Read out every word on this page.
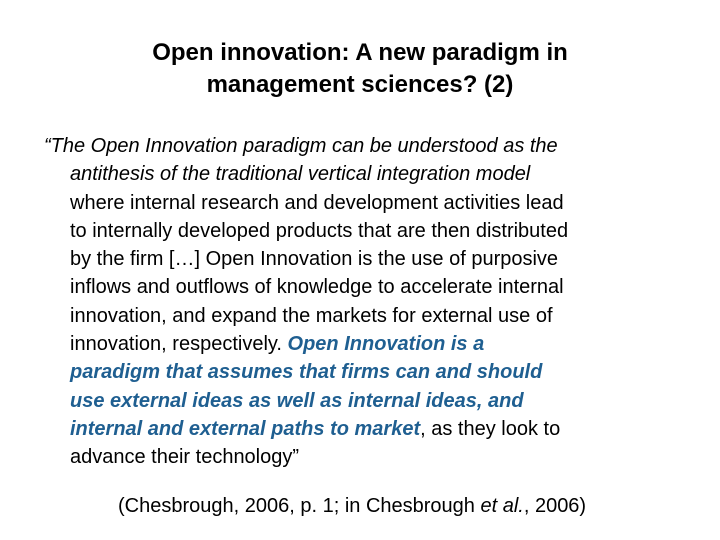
Open innovation: A new paradigm in
management sciences? (2)
“The Open Innovation paradigm can be understood as the
antithesis of the traditional vertical integration model
where internal research and development activities lead
to internally developed products that are then distributed
by the firm […] Open Innovation is the use of purposive
inflows and outflows of knowledge to accelerate internal
innovation, and expand the markets for external use of
innovation, respectively. Open Innovation is a
paradigm that assumes that firms can and should
use external ideas as well as internal ideas, and
internal and external paths to market, as they look to
advance their technology”
(Chesbrough, 2006, p. 1; in Chesbrough et al., 2006)
